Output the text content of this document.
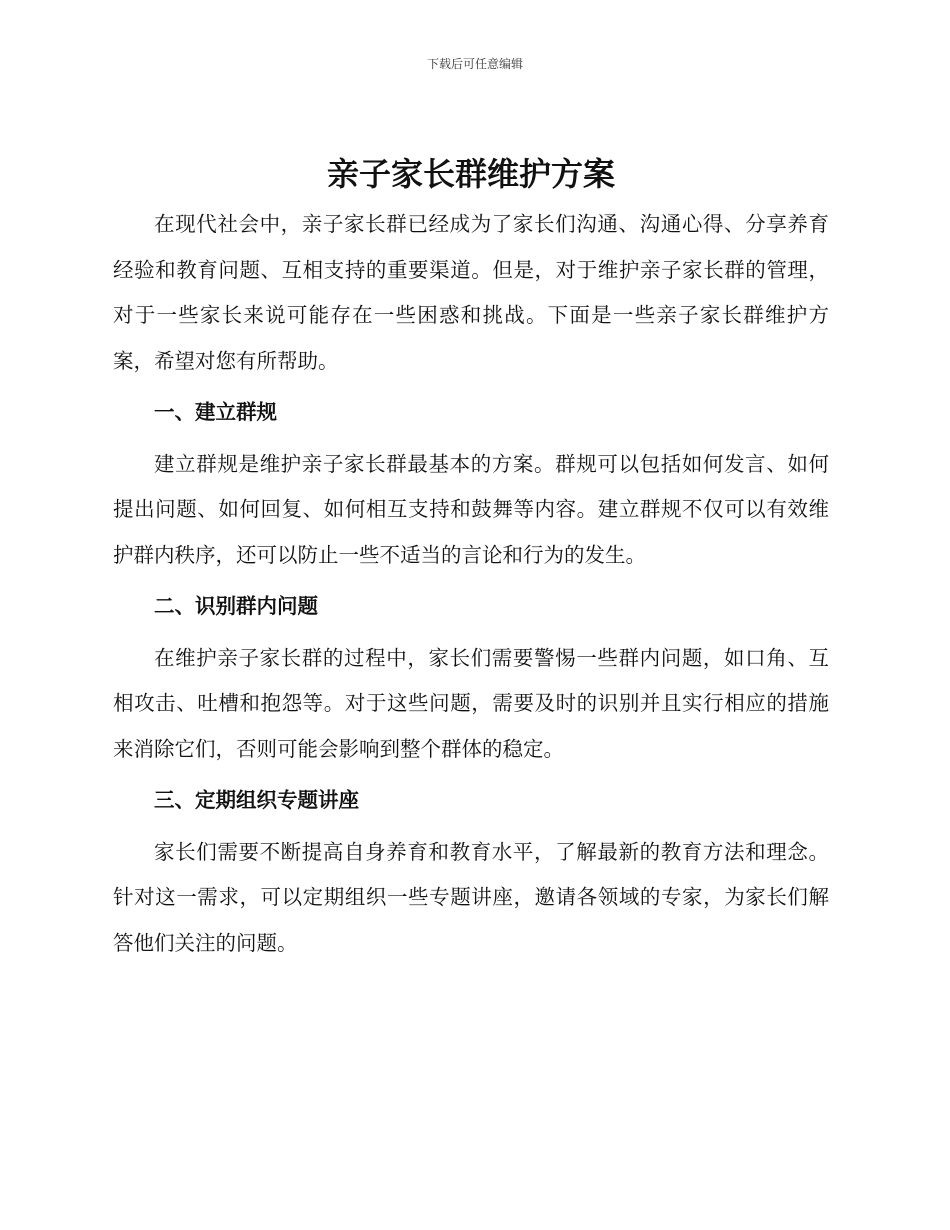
下载后可任意编辑
亲子家长群维护方案

在现代社会中，亲子家长群已经成为了家长们沟通、沟通心得、分享养育经验和教育问题、互相支持的重要渠道。但是，对于维护亲子家长群的管理，对于一些家长来说可能存在一些困惑和挑战。下面是一些亲子家长群维护方案，希望对您有所帮助。

一、建立群规

建立群规是维护亲子家长群最基本的方案。群规可以包括如何发言、如何提出问题、如何回复、如何相互支持和鼓舞等内容。建立群规不仅可以有效维护群内秩序，还可以防止一些不适当的言论和行为的发生。

二、识别群内问题

在维护亲子家长群的过程中，家长们需要警惕一些群内问题，如口角、互相攻击、吐槽和抱怨等。对于这些问题，需要及时的识别并且实行相应的措施来消除它们，否则可能会影响到整个群体的稳定。

三、定期组织专题讲座

家长们需要不断提高自身养育和教育水平，了解最新的教育方法和理念。针对这一需求，可以定期组织一些专题讲座，邀请各领域的专家，为家长们解答他们关注的问题。
